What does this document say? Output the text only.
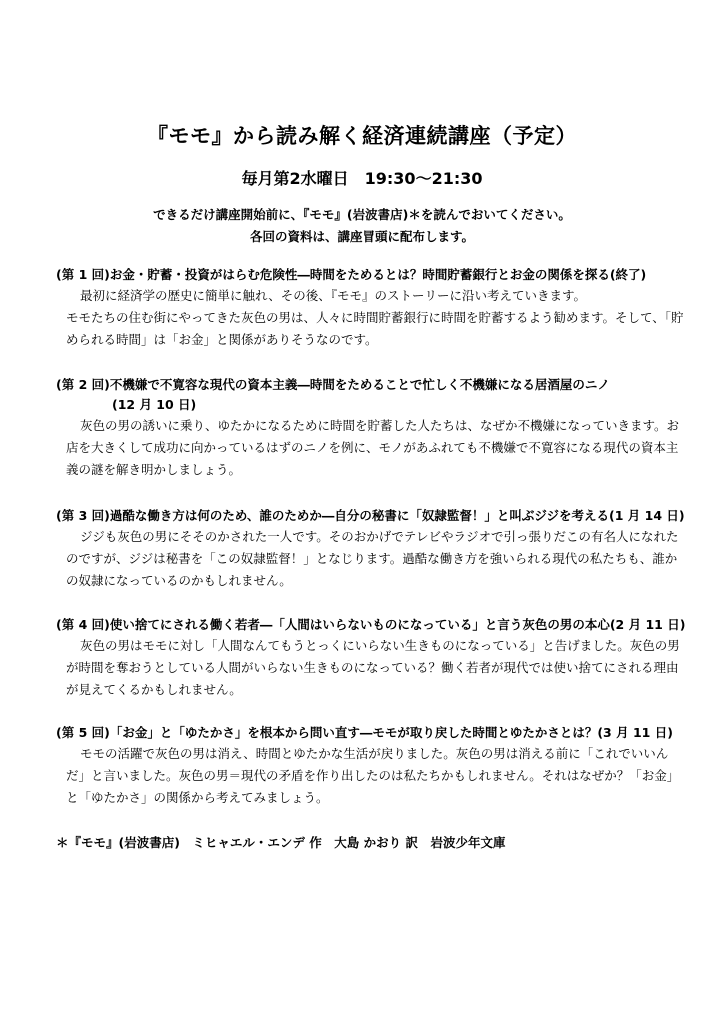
『モモ』から読み解く経済連続講座（予定）
毎月第2水曜日　19:30～21:30
できるだけ講座開始前に、『モモ』(岩波書店)＊を読んでおいてください。
各回の資料は、講座冒頭に配布します。
(第 1 回)お金・貯蓄・投資がはらむ危険性―時間をためるとは？時間貯蓄銀行とお金の関係を探る(終了)

最初に経済学の歴史に簡単に触れ、その後、『モモ』のストーリーに沿い考えていきます。

モモたちの住む街にやってきた灰色の男は、人々に時間貯蓄銀行に時間を貯蓄するよう勧めます。そして、「貯められる時間」は「お金」と関係がありそうなのです。

(第 2 回)不機嫌で不寛容な現代の資本主義―時間をためることで忙しく不機嫌になる居酒屋のニノ
(12 月 10 日)

灰色の男の誘いに乗り、ゆたかになるために時間を貯蓄した人たちは、なぜか不機嫌になっていきます。お店を大きくして成功に向かっているはずのニノを例に、モノがあふれても不機嫌で不寛容になる現代の資本主義の謎を解き明かしましょう。

(第 3 回)過酷な働き方は何のため、誰のためか―自分の秘書に「奴隷監督！」と叫ぶジジを考える(1 月 14 日)

ジジも灰色の男にそそのかされた一人です。そのおかげでテレビやラジオで引っ張りだこの有名人になれたのですが、ジジは秘書を「この奴隷監督！」となじります。過酷な働き方を強いられる現代の私たちも、誰かの奴隷になっているのかもしれません。

(第 4 回)使い捨てにされる働く若者―「人間はいらないものになっている」と言う灰色の男の本心(2 月 11 日)

灰色の男はモモに対し「人間なんてもうとっくにいらない生きものになっている」と告げました。灰色の男が時間を奪おうとしている人間がいらない生きものになっている？働く若者が現代では使い捨てにされる理由が見えてくるかもしれません。

(第 5 回)「お金」と「ゆたかさ」を根本から問い直す―モモが取り戻した時間とゆたかさとは？(3 月 11 日)

モモの活躍で灰色の男は消え、時間とゆたかな生活が戻りました。灰色の男は消える前に「これでいいんだ」と言いました。灰色の男＝現代の矛盾を作り出したのは私たちかもしれません。それはなぜか？「お金」と「ゆたかさ」の関係から考えてみましょう。

＊『モモ』(岩波書店)　ミヒャエル・エンデ 作　大島 かおり 訳　岩波少年文庫
